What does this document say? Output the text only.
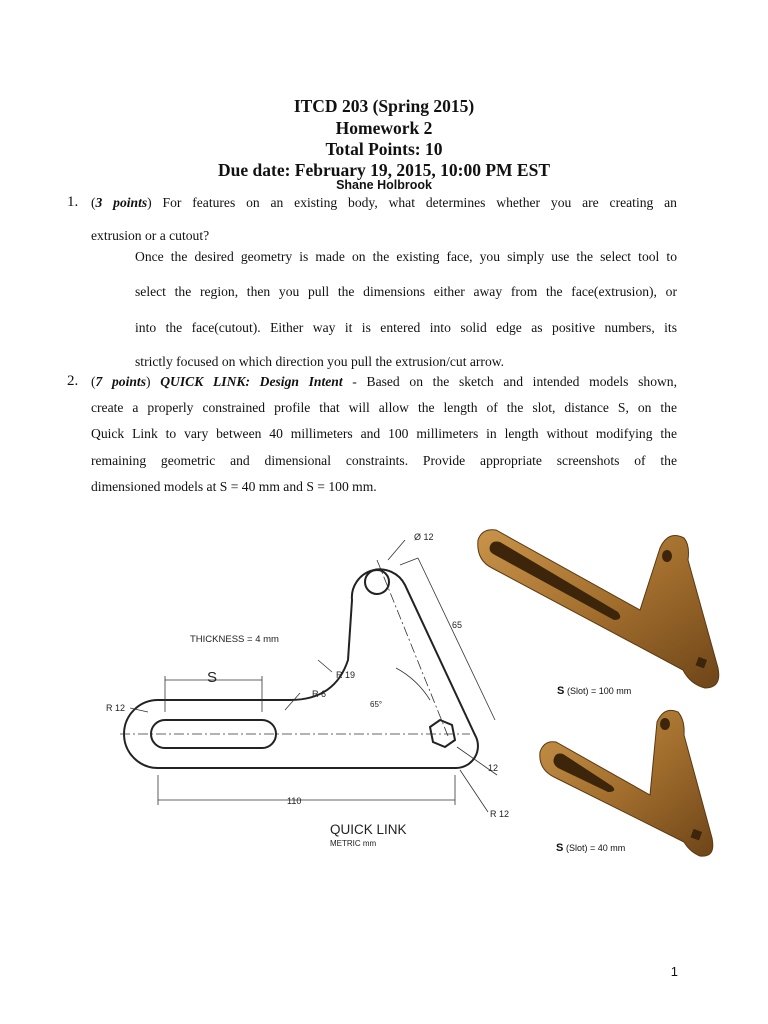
ITCD 203 (Spring 2015)
Homework 2
Total Points: 10
Due date: February 19, 2015, 10:00 PM EST
Shane Holbrook
1. (3 points) For features on an existing body, what determines whether you are creating an
extrusion or a cutout?
Once the desired geometry is made on the existing face, you simply use the select tool to
select the region, then you pull the dimensions either away from the face(extrusion), or
into the face(cutout). Either way it is entered into solid edge as positive numbers, its
strictly focused on which direction you pull the extrusion/cut arrow.
2. (7 points) QUICK LINK: Design Intent - Based on the sketch and intended models shown,
create a properly constrained profile that will allow the length of the slot, distance S, on the
Quick Link to vary between 40 millimeters and 100 millimeters in length without modifying the
remaining geometric and dimensional constraints. Provide appropriate screenshots of the
dimensioned models at S = 40 mm and S = 100 mm.
THICKNESS = 4 mm
S
R 12
R 6
R 19
65°
Ø 12
65
12
110
R 12
QUICK LINK
METRIC mm
S (Slot) = 100 mm
S (Slot) = 40 mm
1
